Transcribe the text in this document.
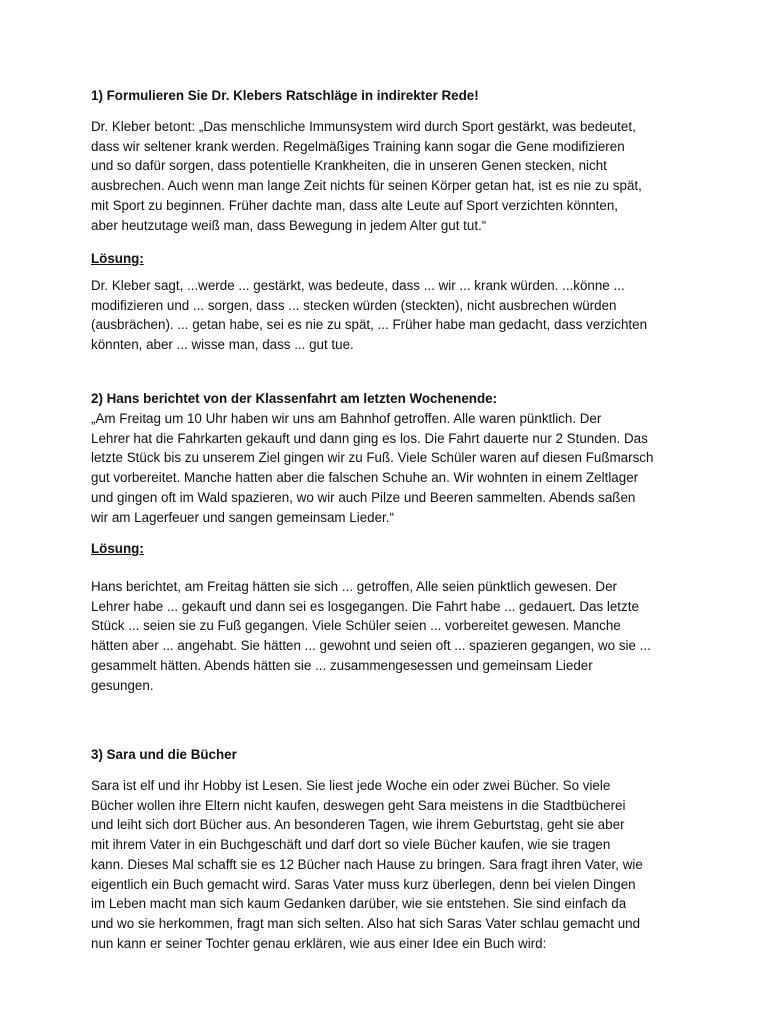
1) Formulieren Sie Dr. Klebers Ratschläge in indirekter Rede!
Dr. Kleber betont: „Das menschliche Immunsystem wird durch Sport gestärkt, was bedeutet,
dass wir seltener krank werden. Regelmäßiges Training kann sogar die Gene modifizieren
und so dafür sorgen, dass potentielle Krankheiten, die in unseren Genen stecken, nicht
ausbrechen. Auch wenn man lange Zeit nichts für seinen Körper getan hat, ist es nie zu spät,
mit Sport zu beginnen. Früher dachte man, dass alte Leute auf Sport verzichten könnten,
aber heutzutage weiß man, dass Bewegung in jedem Alter gut tut.“
Lösung:
Dr. Kleber sagt, ...werde ... gestärkt, was bedeute, dass ... wir ... krank würden. ...könne ...
modifizieren und ... sorgen, dass ... stecken würden (steckten), nicht ausbrechen würden
(ausbrächen). ... getan habe, sei es nie zu spät, ... Früher habe man gedacht, dass verzichten
könnten, aber ... wisse man, dass ... gut tue.
2) Hans berichtet von der Klassenfahrt am letzten Wochenende:
„Am Freitag um 10 Uhr haben wir uns am Bahnhof getroffen. Alle waren pünktlich. Der
Lehrer hat die Fahrkarten gekauft und dann ging es los. Die Fahrt dauerte nur 2 Stunden. Das
letzte Stück bis zu unserem Ziel gingen wir zu Fuß. Viele Schüler waren auf diesen Fußmarsch
gut vorbereitet. Manche hatten aber die falschen Schuhe an. Wir wohnten in einem Zeltlager
und gingen oft im Wald spazieren, wo wir auch Pilze und Beeren sammelten. Abends saßen
wir am Lagerfeuer und sangen gemeinsam Lieder.“
Lösung:
Hans berichtet, am Freitag hätten sie sich ... getroffen, Alle seien pünktlich gewesen. Der
Lehrer habe ... gekauft und dann sei es losgegangen. Die Fahrt habe ... gedauert. Das letzte
Stück ... seien sie zu Fuß gegangen. Viele Schüler seien ... vorbereitet gewesen. Manche
hätten aber ... angehabt. Sie hätten ... gewohnt und seien oft ... spazieren gegangen, wo sie ...
gesammelt hätten. Abends hätten sie ... zusammengesessen und gemeinsam Lieder
gesungen.
3) Sara und die Bücher
Sara ist elf und ihr Hobby ist Lesen. Sie liest jede Woche ein oder zwei Bücher. So viele
Bücher wollen ihre Eltern nicht kaufen, deswegen geht Sara meistens in die Stadtbücherei
und leiht sich dort Bücher aus. An besonderen Tagen, wie ihrem Geburtstag, geht sie aber
mit ihrem Vater in ein Buchgeschäft und darf dort so viele Bücher kaufen, wie sie tragen
kann. Dieses Mal schafft sie es 12 Bücher nach Hause zu bringen. Sara fragt ihren Vater, wie
eigentlich ein Buch gemacht wird. Saras Vater muss kurz überlegen, denn bei vielen Dingen
im Leben macht man sich kaum Gedanken darüber, wie sie entstehen. Sie sind einfach da
und wo sie herkommen, fragt man sich selten. Also hat sich Saras Vater schlau gemacht und
nun kann er seiner Tochter genau erklären, wie aus einer Idee ein Buch wird:
